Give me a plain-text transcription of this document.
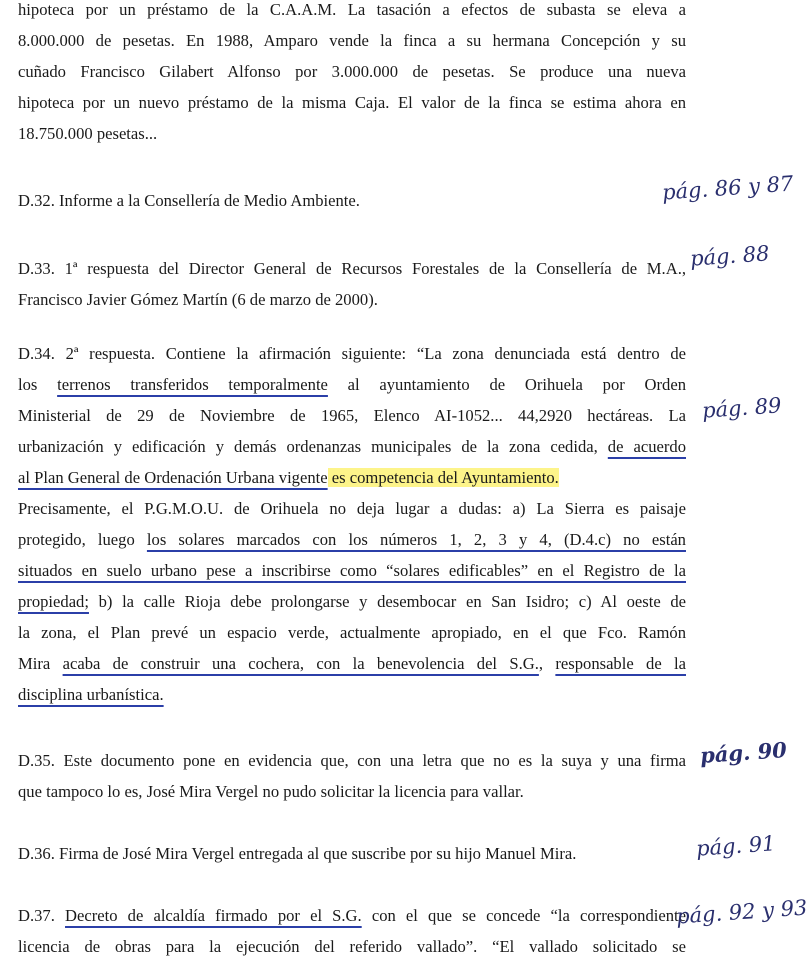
hipoteca por un préstamo de la C.A.A.M. La tasación a efectos de subasta se eleva a
8.000.000 de pesetas. En 1988, Amparo vende la finca a su hermana Concepción y su
cuñado Francisco Gilabert Alfonso por 3.000.000 de pesetas. Se produce una nueva
hipoteca por un nuevo préstamo de la misma Caja. El valor de la finca se estima ahora en
18.750.000 pesetas...
D.32. Informe a la Consellería de Medio Ambiente.
D.33. 1ª respuesta del Director General de Recursos Forestales de la Consellería de M.A.,
Francisco Javier Gómez Martín (6 de marzo de 2000).
D.34. 2ª respuesta. Contiene la afirmación siguiente: “La zona denunciada está dentro de
los terrenos transferidos temporalmente al ayuntamiento de Orihuela por Orden
Ministerial de 29 de Noviembre de 1965, Elenco AI-1052... 44,2920 hectáreas. La
urbanización y edificación y demás ordenanzas municipales de la zona cedida, de acuerdo
al Plan General de Ordenación Urbana vigente es competencia del Ayuntamiento.
Precisamente, el P.G.M.O.U. de Orihuela no deja lugar a dudas: a) La Sierra es paisaje
protegido, luego los solares marcados con los números 1, 2, 3 y 4, (D.4.c) no están
situados en suelo urbano pese a inscribirse como “solares edificables” en el Registro de la
propiedad; b) la calle Rioja debe prolongarse y desembocar en San Isidro; c) Al oeste de
la zona, el Plan prevé un espacio verde, actualmente apropiado, en el que Fco. Ramón
Mira acaba de construir una cochera, con la benevolencia del S.G., responsable de la
disciplina urbanística.
D.35. Este documento pone en evidencia que, con una letra que no es la suya y una firma
que tampoco lo es, José Mira Vergel no pudo solicitar la licencia para vallar.
D.36. Firma de José Mira Vergel entregada al que suscribe por su hijo Manuel Mira.
D.37. Decreto de alcaldía firmado por el S.G. con el que se concede “la correspondiente
licencia de obras para la ejecución del referido vallado”. “El vallado solicitado se
pág. 86 y 87
pág. 88
pág. 89
pág. 90
pág. 91
pág. 92 y 93
